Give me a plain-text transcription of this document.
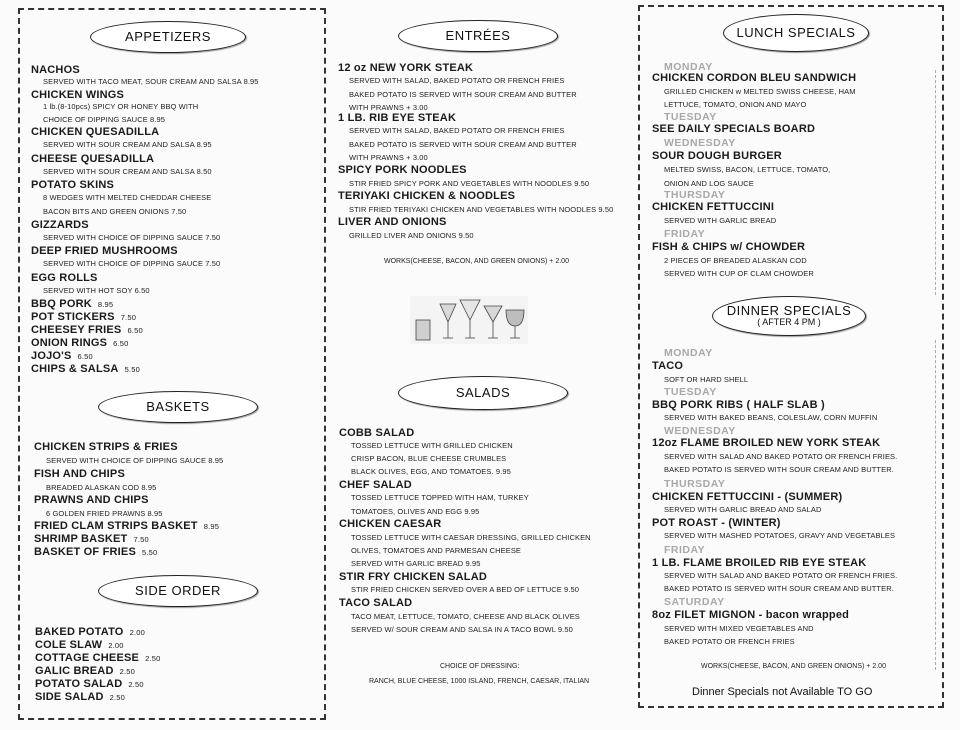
APPETIZERS
NACHOS
SERVED WITH TACO MEAT, SOUR CREAM AND SALSA 8.95
CHICKEN WINGS
1 lb.(8-10pcs) SPICY OR HONEY BBQ WITH
CHOICE OF DIPPING SAUCE 8.95
CHICKEN QUESADILLA
SERVED WITH SOUR CREAM AND SALSA 8.95
CHEESE QUESADILLA
SERVED WITH SOUR CREAM AND SALSA 8.50
POTATO SKINS
8 WEDGES WITH MELTED CHEDDAR CHEESE
BACON BITS AND GREEN ONIONS 7.50
GIZZARDS
SERVED WITH CHOICE OF DIPPING SAUCE 7.50
DEEP FRIED MUSHROOMS
SERVED WITH CHOICE OF DIPPING SAUCE 7.50
EGG ROLLS
SERVED WITH HOT SOY 6.50
BBQ PORK 8.95
POT STICKERS 7.50
CHEESEY FRIES 6.50
ONION RINGS 6.50
JOJO'S 6.50
CHIPS & SALSA 5.50
BASKETS
CHICKEN STRIPS & FRIES
SERVED WITH CHOICE OF DIPPING SAUCE 8.95
FISH AND CHIPS
BREADED ALASKAN COD 8.95
PRAWNS AND CHIPS
6 GOLDEN FRIED PRAWNS 8.95
FRIED CLAM STRIPS BASKET 8.95
SHRIMP BASKET 7.50
BASKET OF FRIES 5.50
SIDE ORDER
BAKED POTATO 2.00
COLE SLAW 2.00
COTTAGE CHEESE 2.50
GALIC BREAD 2.50
POTATO SALAD 2.50
SIDE SALAD 2.50
ENTRÉES
12 oz NEW YORK STEAK
SERVED WITH SALAD, BAKED POTATO OR FRENCH FRIES
BAKED POTATO IS SERVED WITH SOUR CREAM AND BUTTER
WITH PRAWNS + 3.00
1 LB. RIB EYE STEAK
SERVED WITH SALAD, BAKED POTATO OR FRENCH FRIES
BAKED POTATO IS SERVED WITH SOUR CREAM AND BUTTER
WITH PRAWNS + 3.00
SPICY PORK NOODLES
STIR FRIED SPICY PORK AND VEGETABLES WITH NOODLES 9.50
TERIYAKI CHICKEN & NOODLES
STIR FRIED TERIYAKI CHICKEN AND VEGETABLES WITH NOODLES 9.50
LIVER AND ONIONS
GRILLED LIVER AND ONIONS 9.50
WORKS(CHEESE, BACON, AND GREEN ONIONS) + 2.00
SALADS
COBB SALAD
TOSSED LETTUCE WITH GRILLED CHICKEN
CRISP BACON, BLUE CHEESE CRUMBLES
BLACK OLIVES, EGG, AND TOMATOES. 9.95
CHEF SALAD
TOSSED LETTUCE TOPPED WITH HAM, TURKEY
TOMATOES, OLIVES AND EGG 9.95
CHICKEN CAESAR
TOSSED LETTUCE WITH CAESAR DRESSING, GRILLED CHICKEN
OLIVES, TOMATOES AND PARMESAN CHEESE
SERVED WITH GARLIC BREAD 9.95
STIR FRY CHICKEN SALAD
STIR FRIED CHICKEN SERVED OVER A BED OF LETTUCE 9.50
TACO SALAD
TACO MEAT, LETTUCE, TOMATO, CHEESE AND BLACK OLIVES
SERVED W/ SOUR CREAM AND SALSA IN A TACO BOWL 9.50
CHOICE OF DRESSING:
RANCH, BLUE CHEESE, 1000 ISLAND, FRENCH, CAESAR, ITALIAN
LUNCH SPECIALS
MONDAY
CHICKEN CORDON BLEU SANDWICH
GRILLED CHICKEN w MELTED SWISS CHEESE, HAM
LETTUCE, TOMATO, ONION AND MAYO
TUESDAY
SEE DAILY SPECIALS BOARD
WEDNESDAY
SOUR DOUGH BURGER
MELTED SWISS, BACON, LETTUCE, TOMATO,
ONION AND LOG SAUCE
THURSDAY
CHICKEN FETTUCCINI
SERVED WITH GARLIC BREAD
FRIDAY
FISH & CHIPS w/ CHOWDER
2 PIECES OF BREADED ALASKAN COD
SERVED WITH CUP OF CLAM CHOWDER
DINNER SPECIALS
( AFTER 4 PM )
MONDAY
TACO
SOFT OR HARD SHELL
TUESDAY
BBQ PORK RIBS ( HALF SLAB )
SERVED WITH BAKED BEANS, COLESLAW, CORN MUFFIN
WEDNESDAY
12oz FLAME BROILED NEW YORK STEAK
SERVED WITH SALAD AND BAKED POTATO OR FRENCH FRIES.
BAKED POTATO IS SERVED WITH SOUR CREAM AND BUTTER.
THURSDAY
CHICKEN FETTUCCINI - (SUMMER)
SERVED WITH GARLIC BREAD AND SALAD
POT ROAST - (WINTER)
SERVED WITH MASHED POTATOES, GRAVY AND VEGETABLES
FRIDAY
1 LB. FLAME BROILED RIB EYE STEAK
SERVED WITH SALAD AND BAKED POTATO OR FRENCH FRIES.
BAKED POTATO IS SERVED WITH SOUR CREAM AND BUTTER.
SATURDAY
8oz FILET MIGNON - bacon wrapped
SERVED WITH MIXED VEGETABLES AND
BAKED POTATO OR FRENCH FRIES
WORKS(CHEESE, BACON, AND GREEN ONIONS) + 2.00
Dinner Specials not Available TO GO
